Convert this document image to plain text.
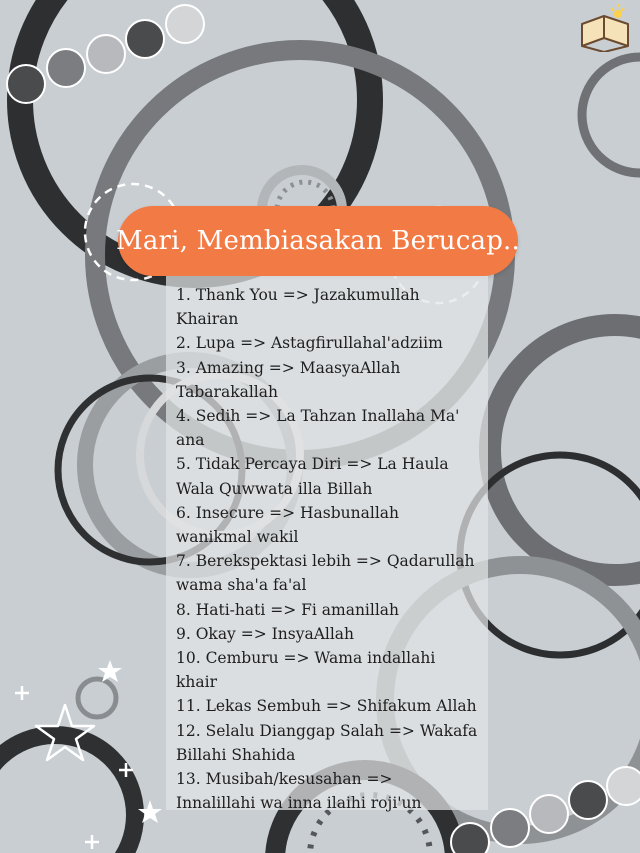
Mari, Membiasakan Berucap..
1. Thank You => Jazakumullah
Khairan
2. Lupa => Astagfirullahal'adziim
3. Amazing => MaasyaAllah
Tabarakallah
4. Sedih => La Tahzan Inallaha Ma'
ana
5. Tidak Percaya Diri => La Haula
Wala Quwwata illa Billah
6. Insecure => Hasbunallah
wanikmal wakil
7. Berekspektasi lebih => Qadarullah
wama sha'a fa'al
8. Hati-hati => Fi amanillah
9. Okay => InsyaAllah
10. Cemburu => Wama indallahi
khair
11. Lekas Sembuh => Shifakum Allah
12. Selalu Dianggap Salah => Wakafa
Billahi Shahida
13. Musibah/kesusahan =>
Innalillahi wa inna ilaihi roji'un
